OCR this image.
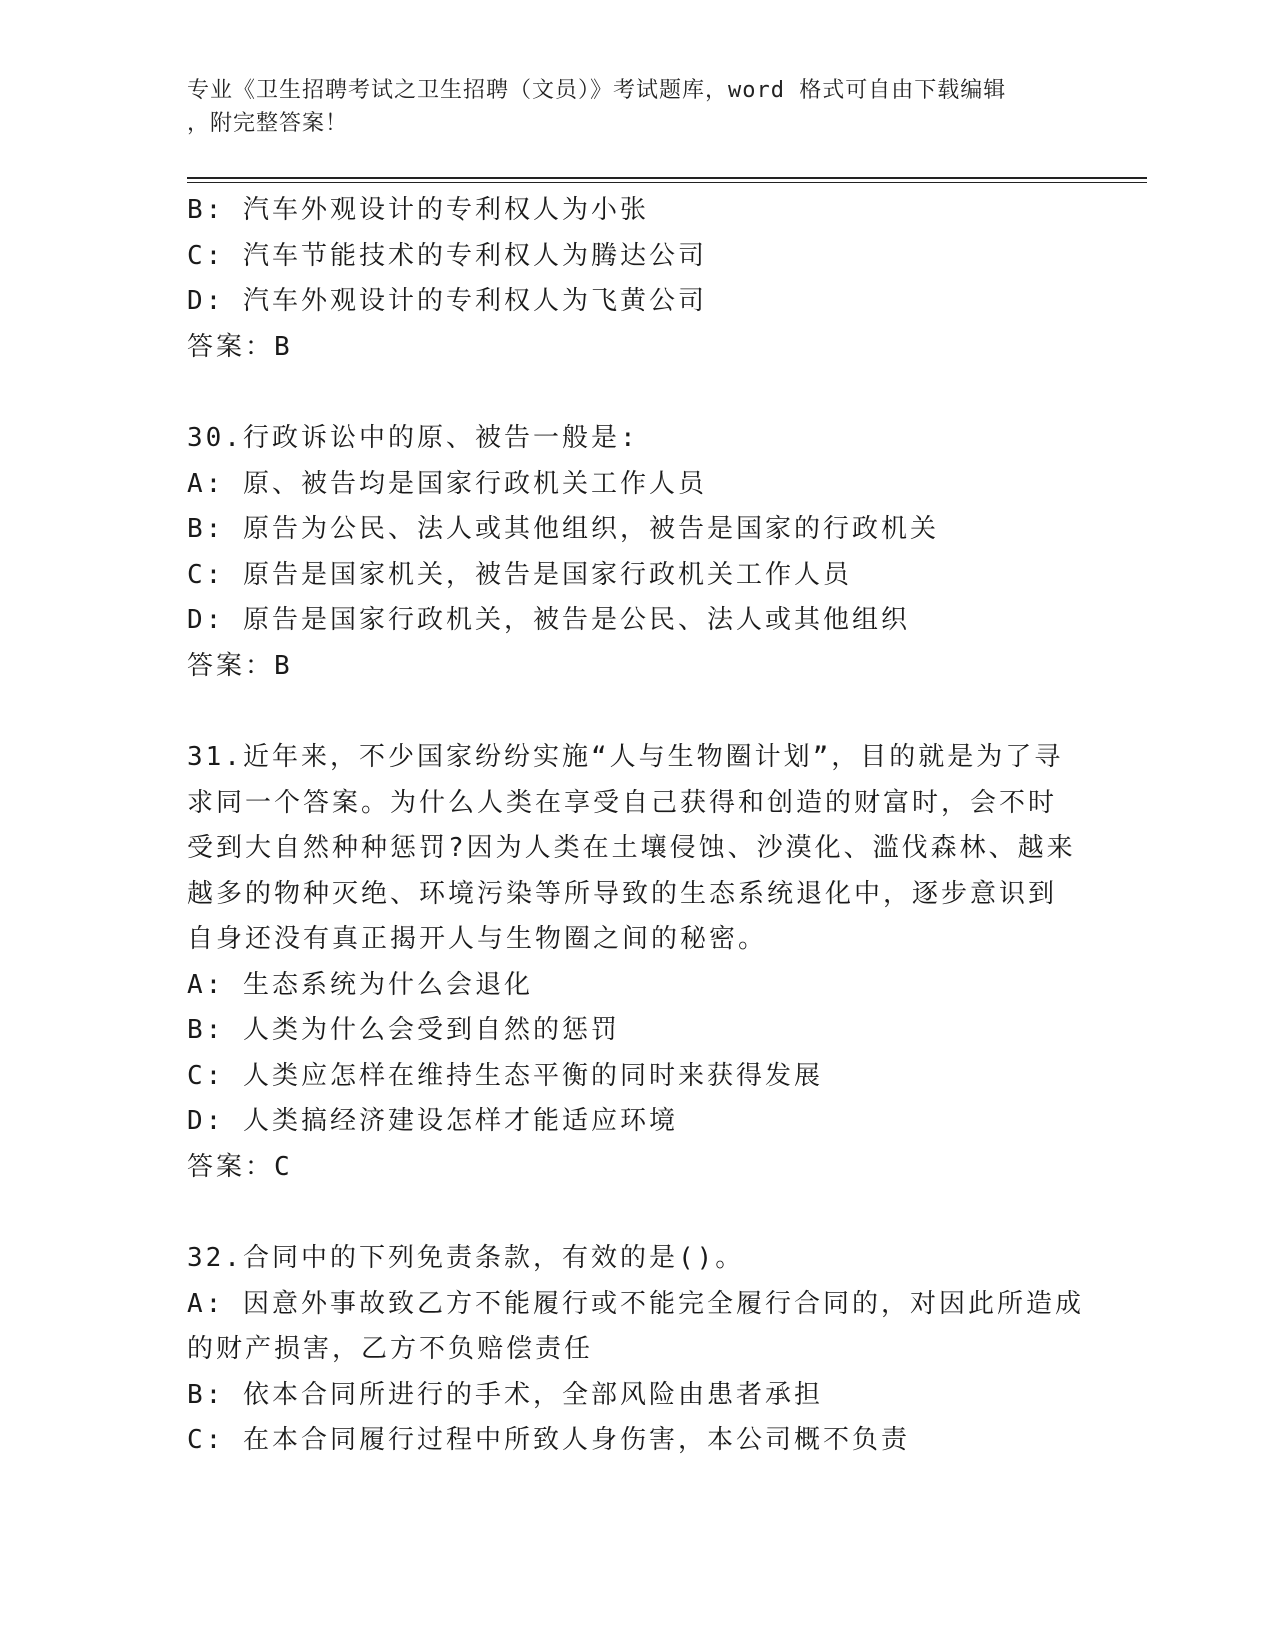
专业《卫生招聘考试之卫生招聘（文员）》考试题库，word 格式可自由下载编辑
，附完整答案！
B: 汽车外观设计的专利权人为小张
C: 汽车节能技术的专利权人为腾达公司
D: 汽车外观设计的专利权人为飞黄公司
答案：B
30.行政诉讼中的原、被告一般是:
A: 原、被告均是国家行政机关工作人员
B: 原告为公民、法人或其他组织，被告是国家的行政机关
C: 原告是国家机关，被告是国家行政机关工作人员
D: 原告是国家行政机关，被告是公民、法人或其他组织
答案：B
31.近年来，不少国家纷纷实施“人与生物圈计划”，目的就是为了寻
求同一个答案。为什么人类在享受自己获得和创造的财富时，会不时
受到大自然种种惩罚?因为人类在土壤侵蚀、沙漠化、滥伐森林、越来
越多的物种灭绝、环境污染等所导致的生态系统退化中，逐步意识到
自身还没有真正揭开人与生物圈之间的秘密。
A: 生态系统为什么会退化
B: 人类为什么会受到自然的惩罚
C: 人类应怎样在维持生态平衡的同时来获得发展
D: 人类搞经济建设怎样才能适应环境
答案：C
32.合同中的下列免责条款，有效的是()。
A: 因意外事故致乙方不能履行或不能完全履行合同的，对因此所造成
的财产损害，乙方不负赔偿责任
B: 依本合同所进行的手术，全部风险由患者承担
C: 在本合同履行过程中所致人身伤害，本公司概不负责
